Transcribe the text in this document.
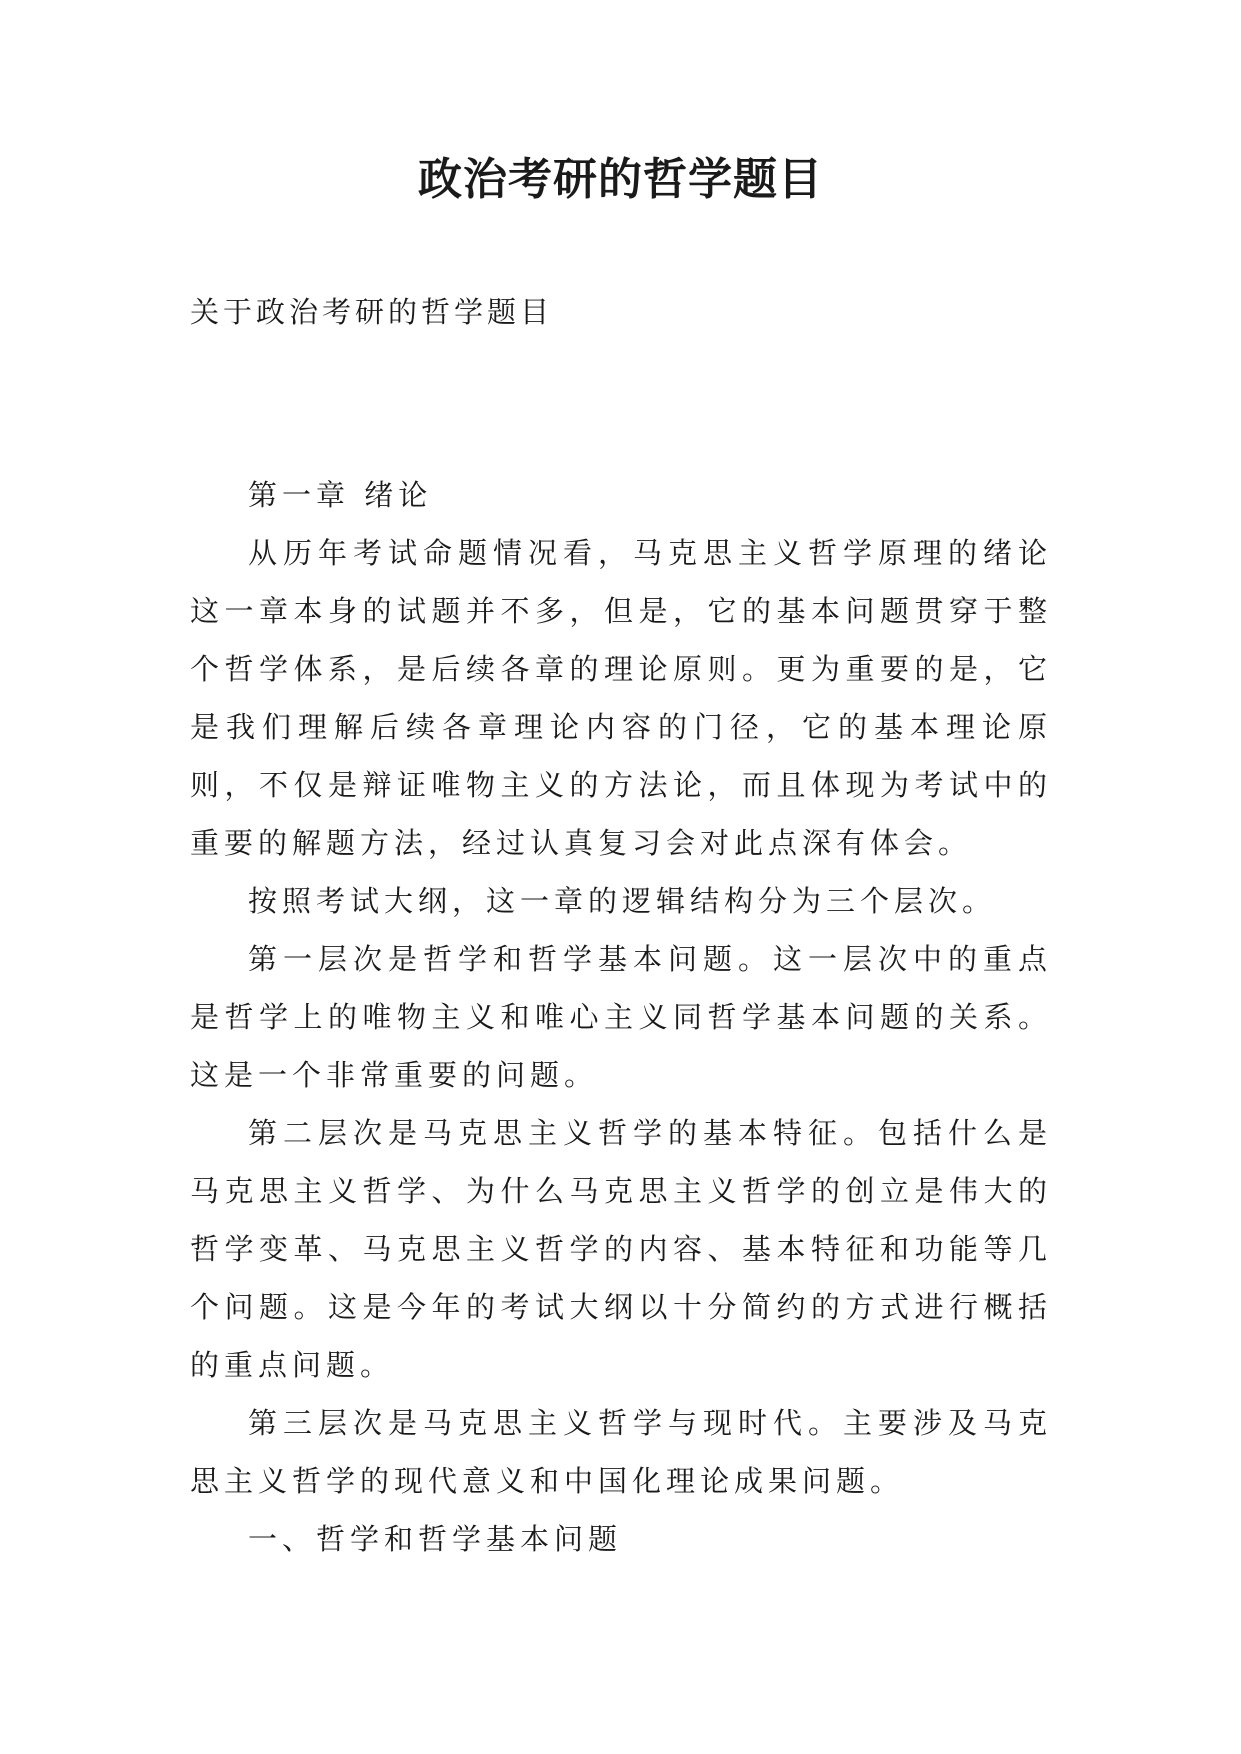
政治考研的哲学题目

关于政治考研的哲学题目

第一章 绪论

从历年考试命题情况看，马克思主义哲学原理的绪论这一章本身的试题并不多，但是，它的基本问题贯穿于整个哲学体系，是后续各章的理论原则。更为重要的是，它是我们理解后续各章理论内容的门径，它的基本理论原则，不仅是辩证唯物主义的方法论，而且体现为考试中的重要的解题方法，经过认真复习会对此点深有体会。

按照考试大纲，这一章的逻辑结构分为三个层次。

第一层次是哲学和哲学基本问题。这一层次中的重点是哲学上的唯物主义和唯心主义同哲学基本问题的关系。这是一个非常重要的问题。

第二层次是马克思主义哲学的基本特征。包括什么是马克思主义哲学、为什么马克思主义哲学的创立是伟大的哲学变革、马克思主义哲学的内容、基本特征和功能等几个问题。这是今年的考试大纲以十分简约的方式进行概括的重点问题。

第三层次是马克思主义哲学与现时代。主要涉及马克思主义哲学的现代意义和中国化理论成果问题。

一、哲学和哲学基本问题
